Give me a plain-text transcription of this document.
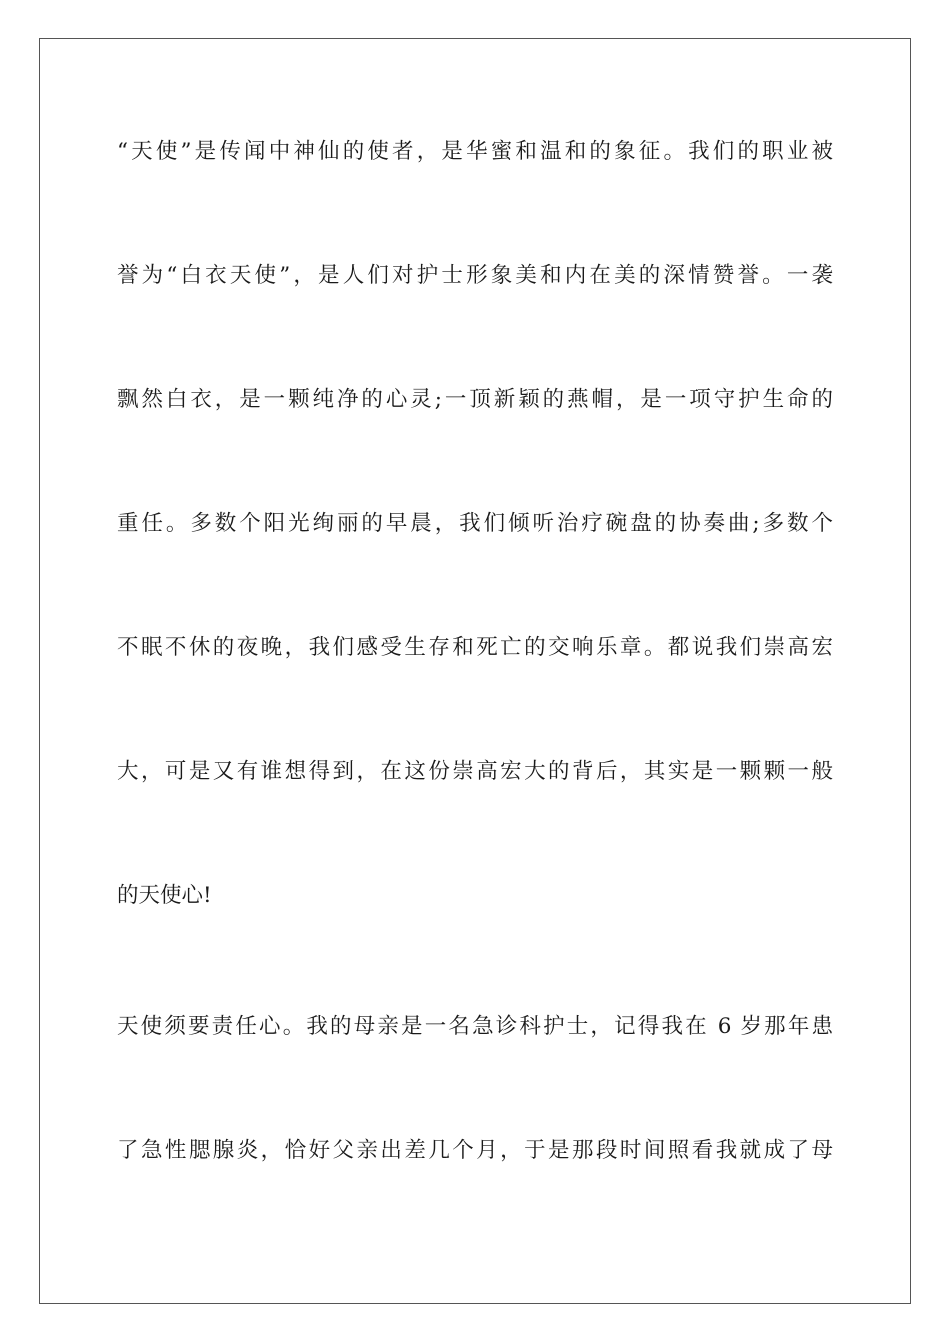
“天使”是传闻中神仙的使者，是华蜜和温和的象征。我们的职业被
誉为“白衣天使”，是人们对护士形象美和内在美的深情赞誉。一袭
飘然白衣，是一颗纯净的心灵;一顶新颖的燕帽，是一项守护生命的
重任。多数个阳光绚丽的早晨，我们倾听治疗碗盘的协奏曲;多数个
不眠不休的夜晚，我们感受生存和死亡的交响乐章。都说我们崇高宏
大，可是又有谁想得到，在这份崇高宏大的背后，其实是一颗颗一般
的天使心!
天使须要责任心。我的母亲是一名急诊科护士，记得我在 6 岁那年患
了急性腮腺炎，恰好父亲出差几个月，于是那段时间照看我就成了母
